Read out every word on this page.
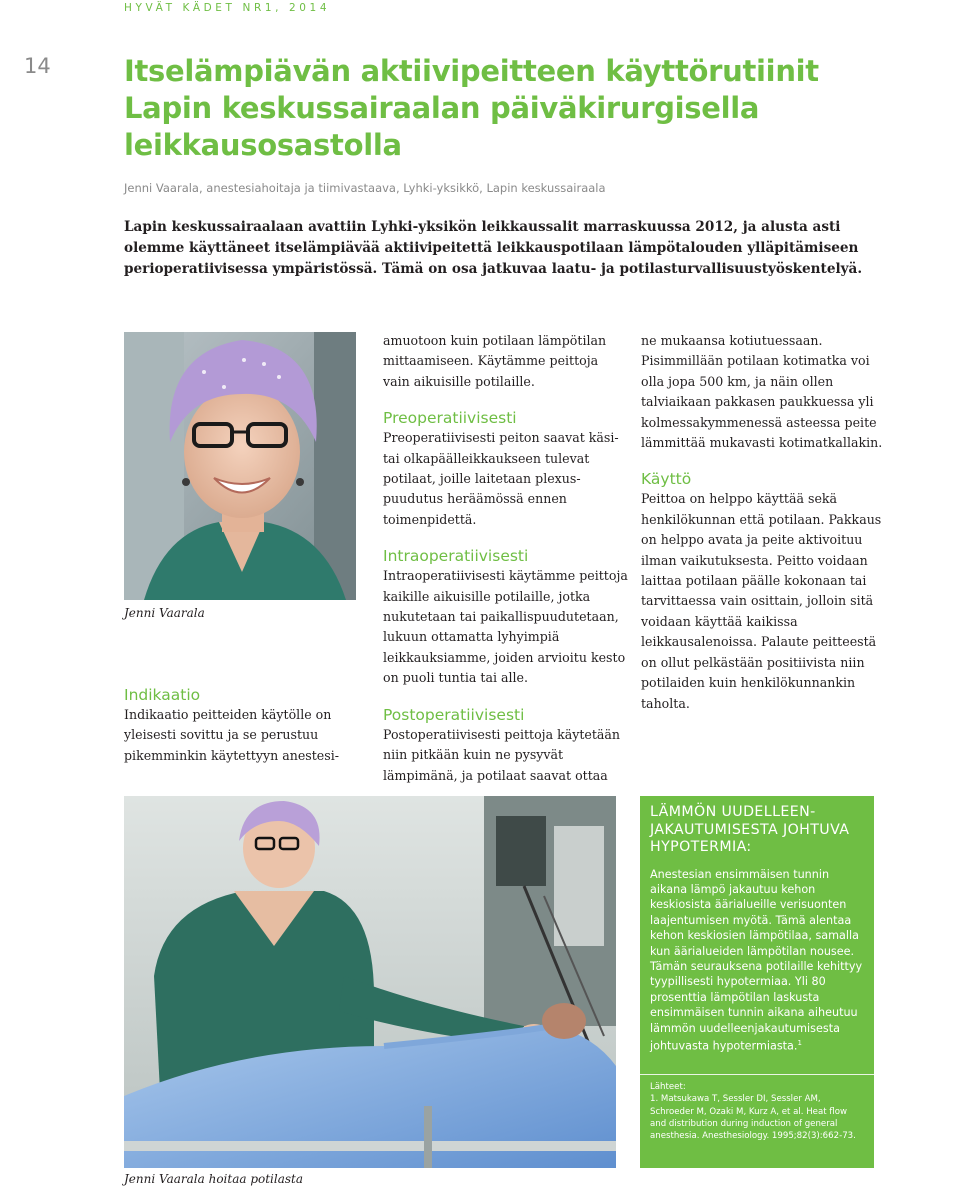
HYVÄT KÄDET NR1, 2014
14	Itselämpiävän aktiivipeitteen käyttörutiinit
Lapin keskussairaalan päiväkirurgisella
leikkausosastolla
Jenni Vaarala, anestesiahoitaja ja tiimivastaava, Lyhki-yksikkö, Lapin keskussairaala

Lapin keskussairaalaan avattiin Lyhki-yksikön leikkaussalit marraskuussa 2012, ja alusta asti olemme käyttäneet itselämpiävää aktiivipeitettä leikkauspotilaan lämpötalouden ylläpitämiseen perioperatiivisessa ympäristössä. Tämä on osa jatkuvaa laatu- ja potilasturvallisuustyöskentelyä.

Jenni Vaarala
Indikaatio

Indikaatio peitteiden käytölle on yleisesti sovittu ja se perustuu pikemminkin käytettyyn anestesi-

amuotoon kuin potilaan lämpötilan mittaamiseen. Käytämme peittoja vain aikuisille potilaille.

Preoperatiivisesti

Preoperatiivisesti peiton saavat käsi-tai olkapäälleikkaukseen tulevat potilaat, joille laitetaan plexus-puudutus heräämössä ennen toimenpidettä.

Intraoperatiivisesti

Intraoperatiivisesti käytämme peittoja kaikille aikuisille potilaille, jotka nukutetaan tai paikallispuudutetaan, lukuun ottamatta lyhyimpiä leikkauksiamme, joiden arvioitu kesto on puoli tuntia tai alle.

Postoperatiivisesti

Postoperatiivisesti peittoja käytetään niin pitkään kuin ne pysyvät lämpimänä, ja potilaat saavat ottaa

ne mukaansa kotiutuessaan. Pisimmillään potilaan kotimatka voi olla jopa 500 km, ja näin ollen talviaikaan pakkasen paukkuessa yli kolmessakymmenessä asteessa peite lämmittää mukavasti kotimatkallakin.

Käyttö

Peittoa on helppo käyttää sekä henkilökunnan että potilaan. Pakkaus on helppo avata ja peite aktivoituu ilman vaikutuksesta. Peitto voidaan laittaa potilaan päälle kokonaan tai tarvittaessa vain osittain, jolloin sitä voidaan käyttää kaikissa leikkausalenoissa. Palaute peitteestä on ollut pelkästään positiivista niin potilaiden kuin henkilökunnankin taholta.

Jenni Vaarala hoitaa potilasta
LÄMMÖN UUDELLEEN-
JAKAUTUMISESTA JOHTUVA
HYPOTERMIA:

Anestesian ensimmäisen tunnin aikana lämpö jakautuu kehon keskiosista äärialueille verisuonten laajentumisen myötä. Tämä alentaa kehon keskiosien lämpötilaa, samalla kun äärialueiden lämpötilan nousee. Tämän seurauksena potilaille kehittyy tyypillisesti hypotermiaa. Yli 80 prosenttia lämpötilan laskusta ensimmäisen tunnin aikana aiheutuu lämmön uudelleenjakautumisesta johtuvasta hypotermiasta.$^1$

Lähteet:

1. Matsukawa T, Sessler DI, Sessler AM, Schroeder M, Ozaki M, Kurz A, et al. Heat flow and distribution during induction of general anesthesia. Anesthesiology. 1995;82(3):662-73.
